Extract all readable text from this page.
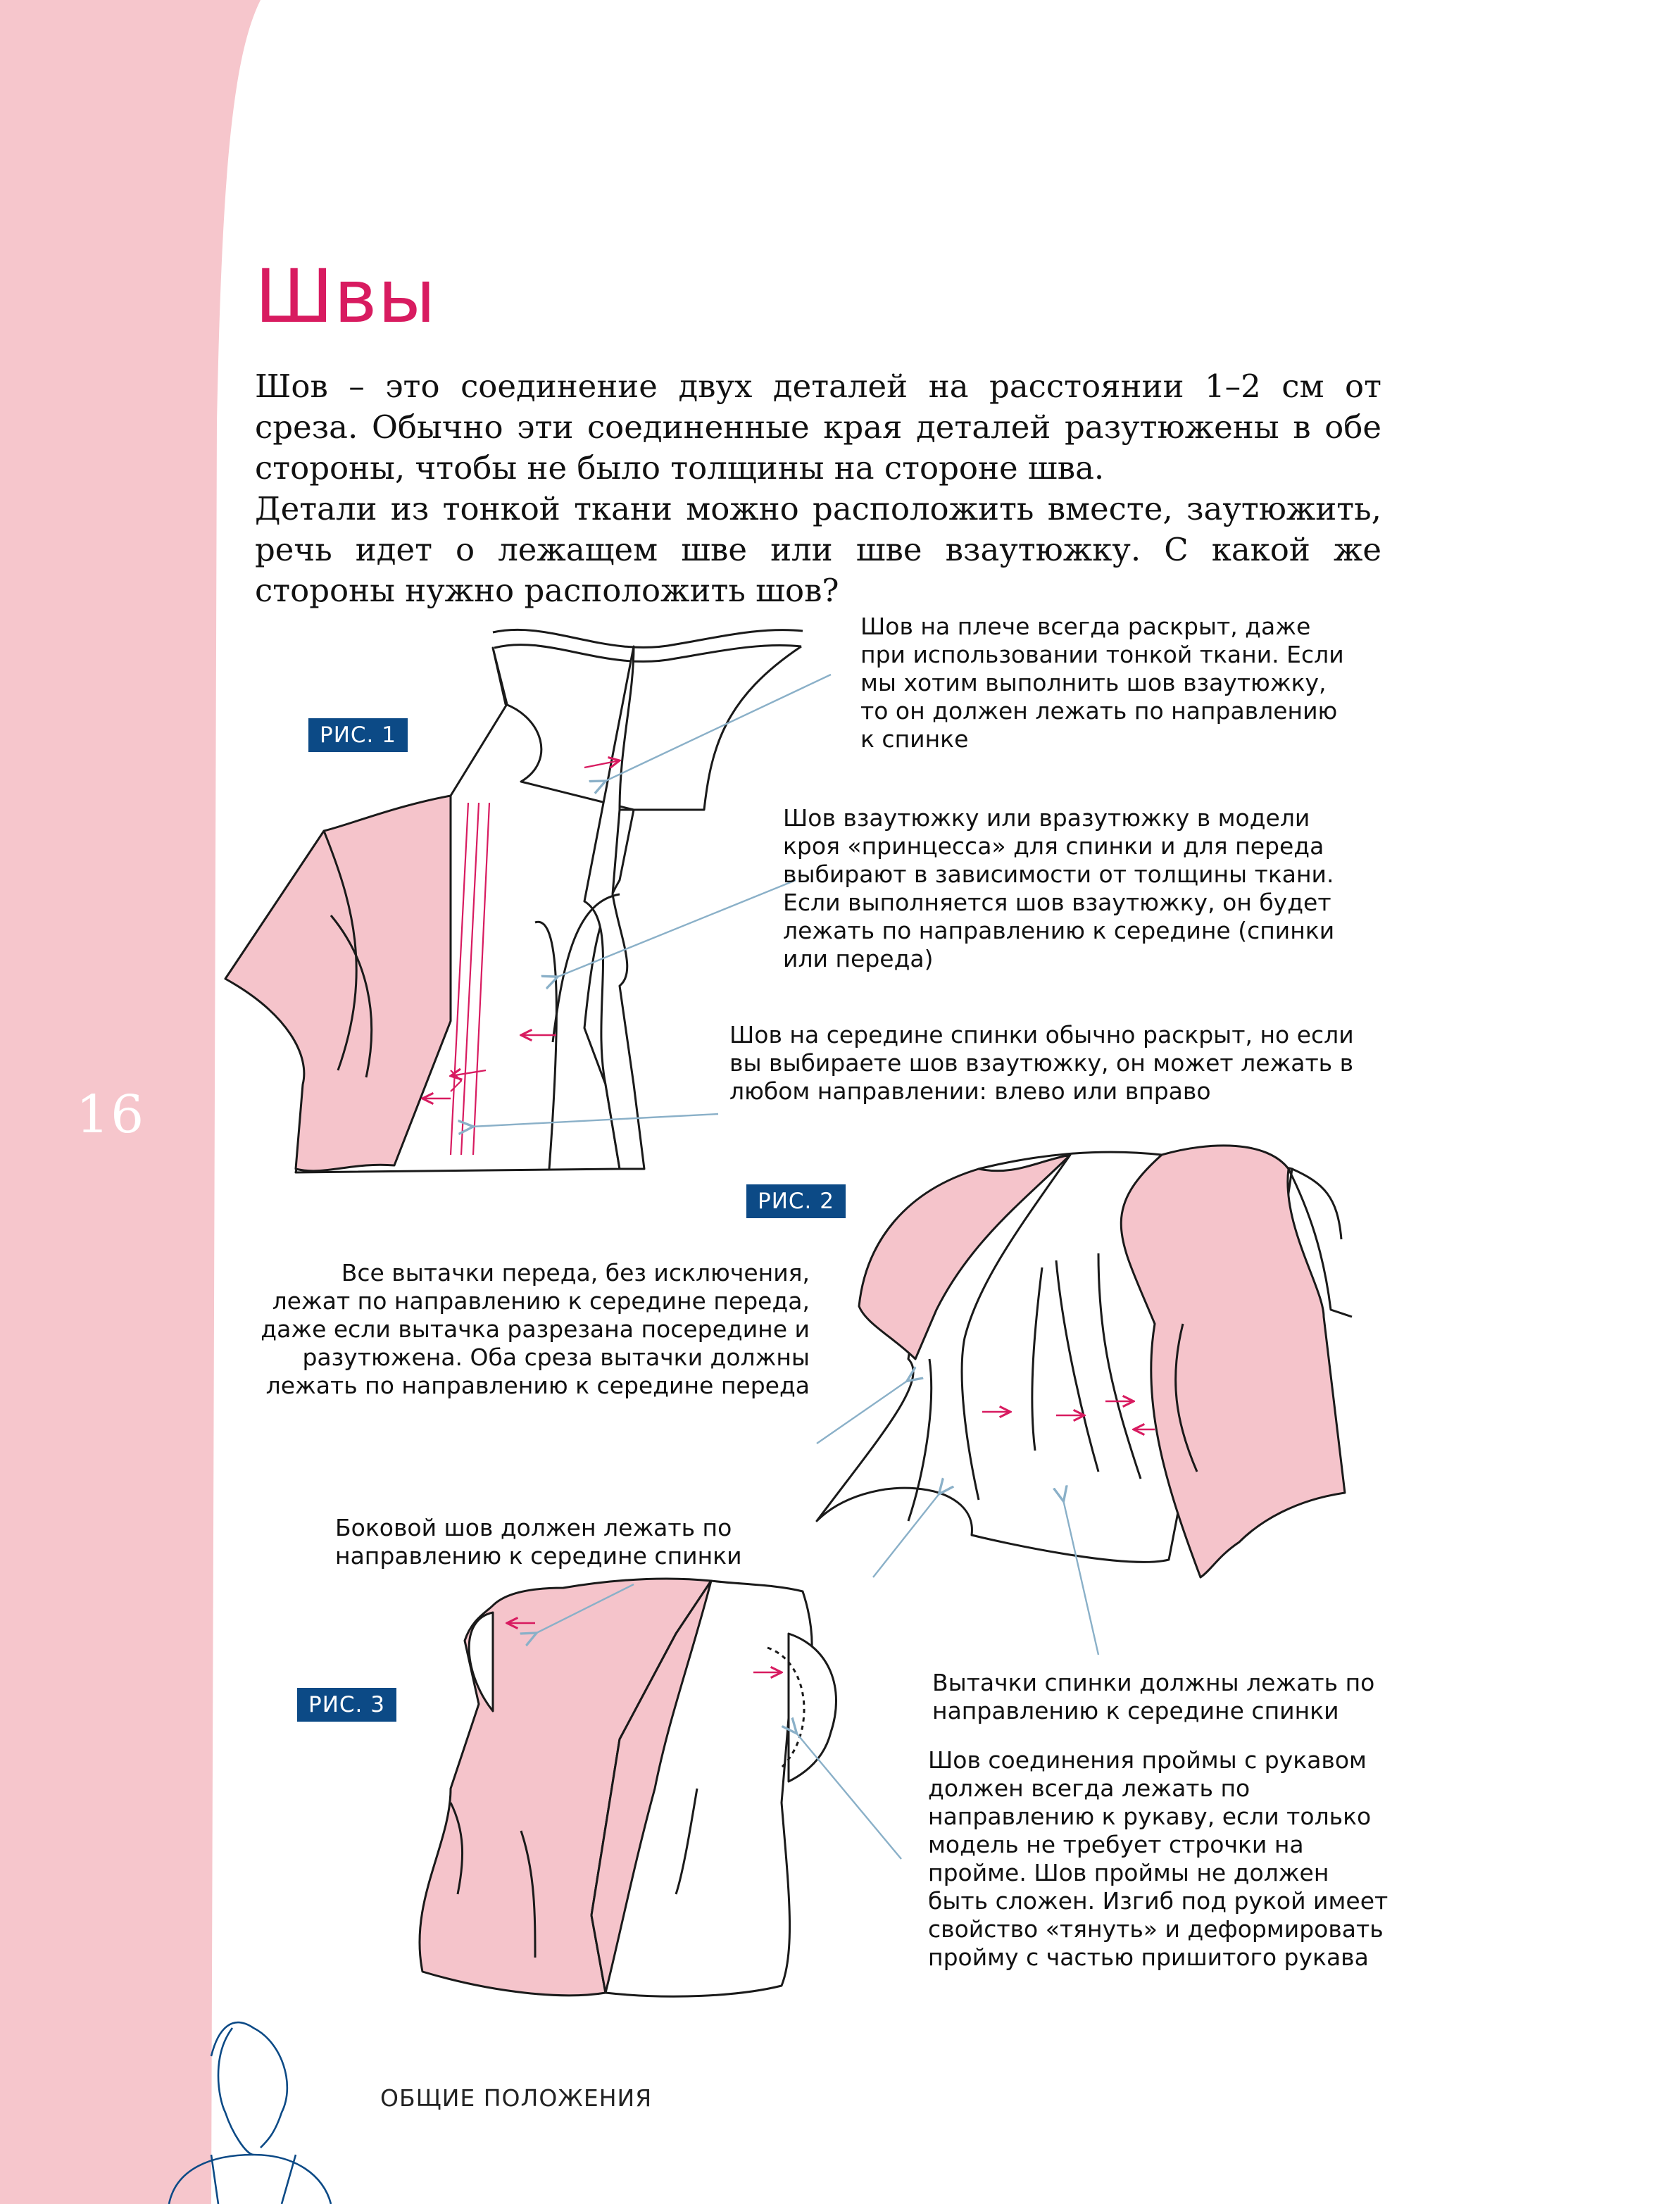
16
Швы

Шов – это соединение двух деталей на расстоянии 1–2 см от среза. Обычно эти соединенные края деталей разутюжены в обе стороны, чтобы не было толщины на стороне шва.

Детали из тонкой ткани можно расположить вместе, заутюжить, речь идет о лежащем шве или шве взаутюжку. С какой же стороны нужно расположить шов?

РИС. 1
РИС. 2
РИС. 3
Шов на плече всегда раскрыт, даже при использовании тонкой ткани. Если мы хотим выполнить шов взаутюжку, то он должен лежать по направлению к спинке
Шов взаутюжку или вразутюжку в модели кроя «принцесса» для спинки и для переда выбирают в зависимости от толщины ткани. Если выполняется шов взаутюжку, он будет лежать по направлению к середине (спинки или переда)
Шов на середине спинки обычно раскрыт, но если вы выбираете шов взаутюжку, он может лежать в любом направлении: влево или вправо
Все вытачки переда, без исключения, лежат по направлению к середине переда, даже если вытачка разрезана посередине и разутюжена. Оба среза вытачки должны лежать по направлению к середине переда
Боковой шов должен лежать по направлению к середине спинки
Вытачки спинки должны лежать по направлению к середине спинки
Шов соединения проймы с рукавом должен всегда лежать по направлению к рукаву, если только модель не требует строчки на пройме. Шов проймы не должен быть сложен. Изгиб под рукой имеет свойство «тянуть» и деформировать пройму с частью пришитого рукава
ОБЩИЕ ПОЛОЖЕНИЯ
